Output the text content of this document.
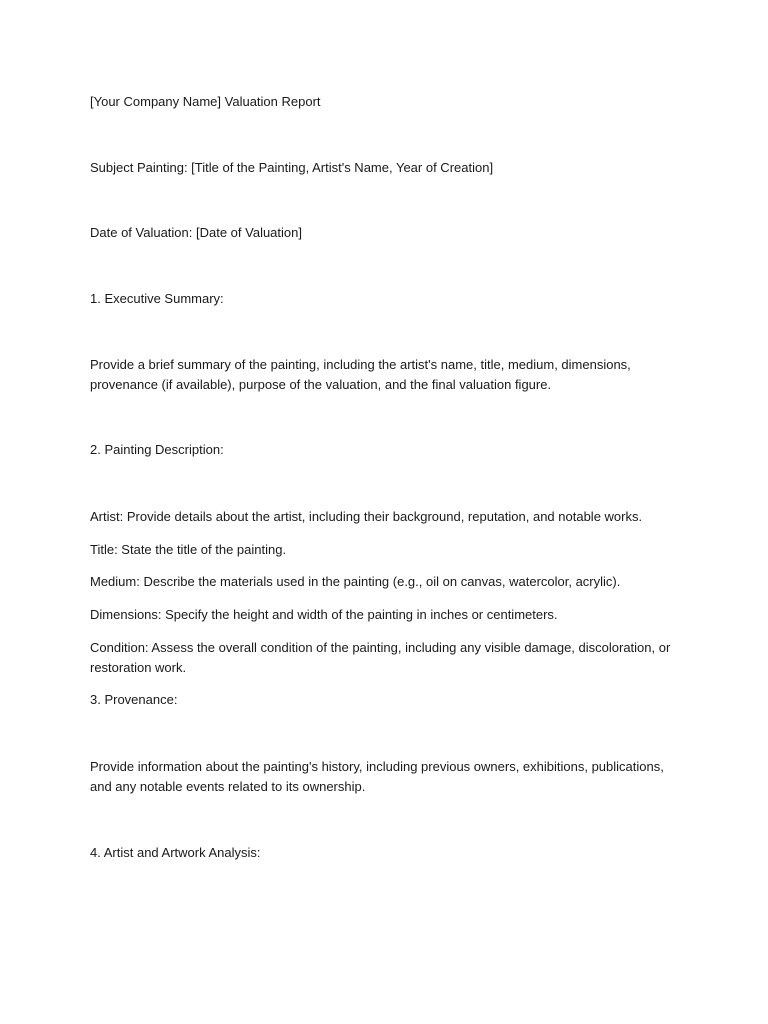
[Your Company Name] Valuation Report

Subject Painting: [Title of the Painting, Artist's Name, Year of Creation]

Date of Valuation: [Date of Valuation]

1. Executive Summary:

Provide a brief summary of the painting, including the artist's name, title, medium, dimensions, provenance (if available), purpose of the valuation, and the final valuation figure.

2. Painting Description:

Artist: Provide details about the artist, including their background, reputation, and notable works.

Title: State the title of the painting.

Medium: Describe the materials used in the painting (e.g., oil on canvas, watercolor, acrylic).

Dimensions: Specify the height and width of the painting in inches or centimeters.

Condition: Assess the overall condition of the painting, including any visible damage, discoloration, or restoration work.

3. Provenance:

Provide information about the painting's history, including previous owners, exhibitions, publications, and any notable events related to its ownership.

4. Artist and Artwork Analysis:
